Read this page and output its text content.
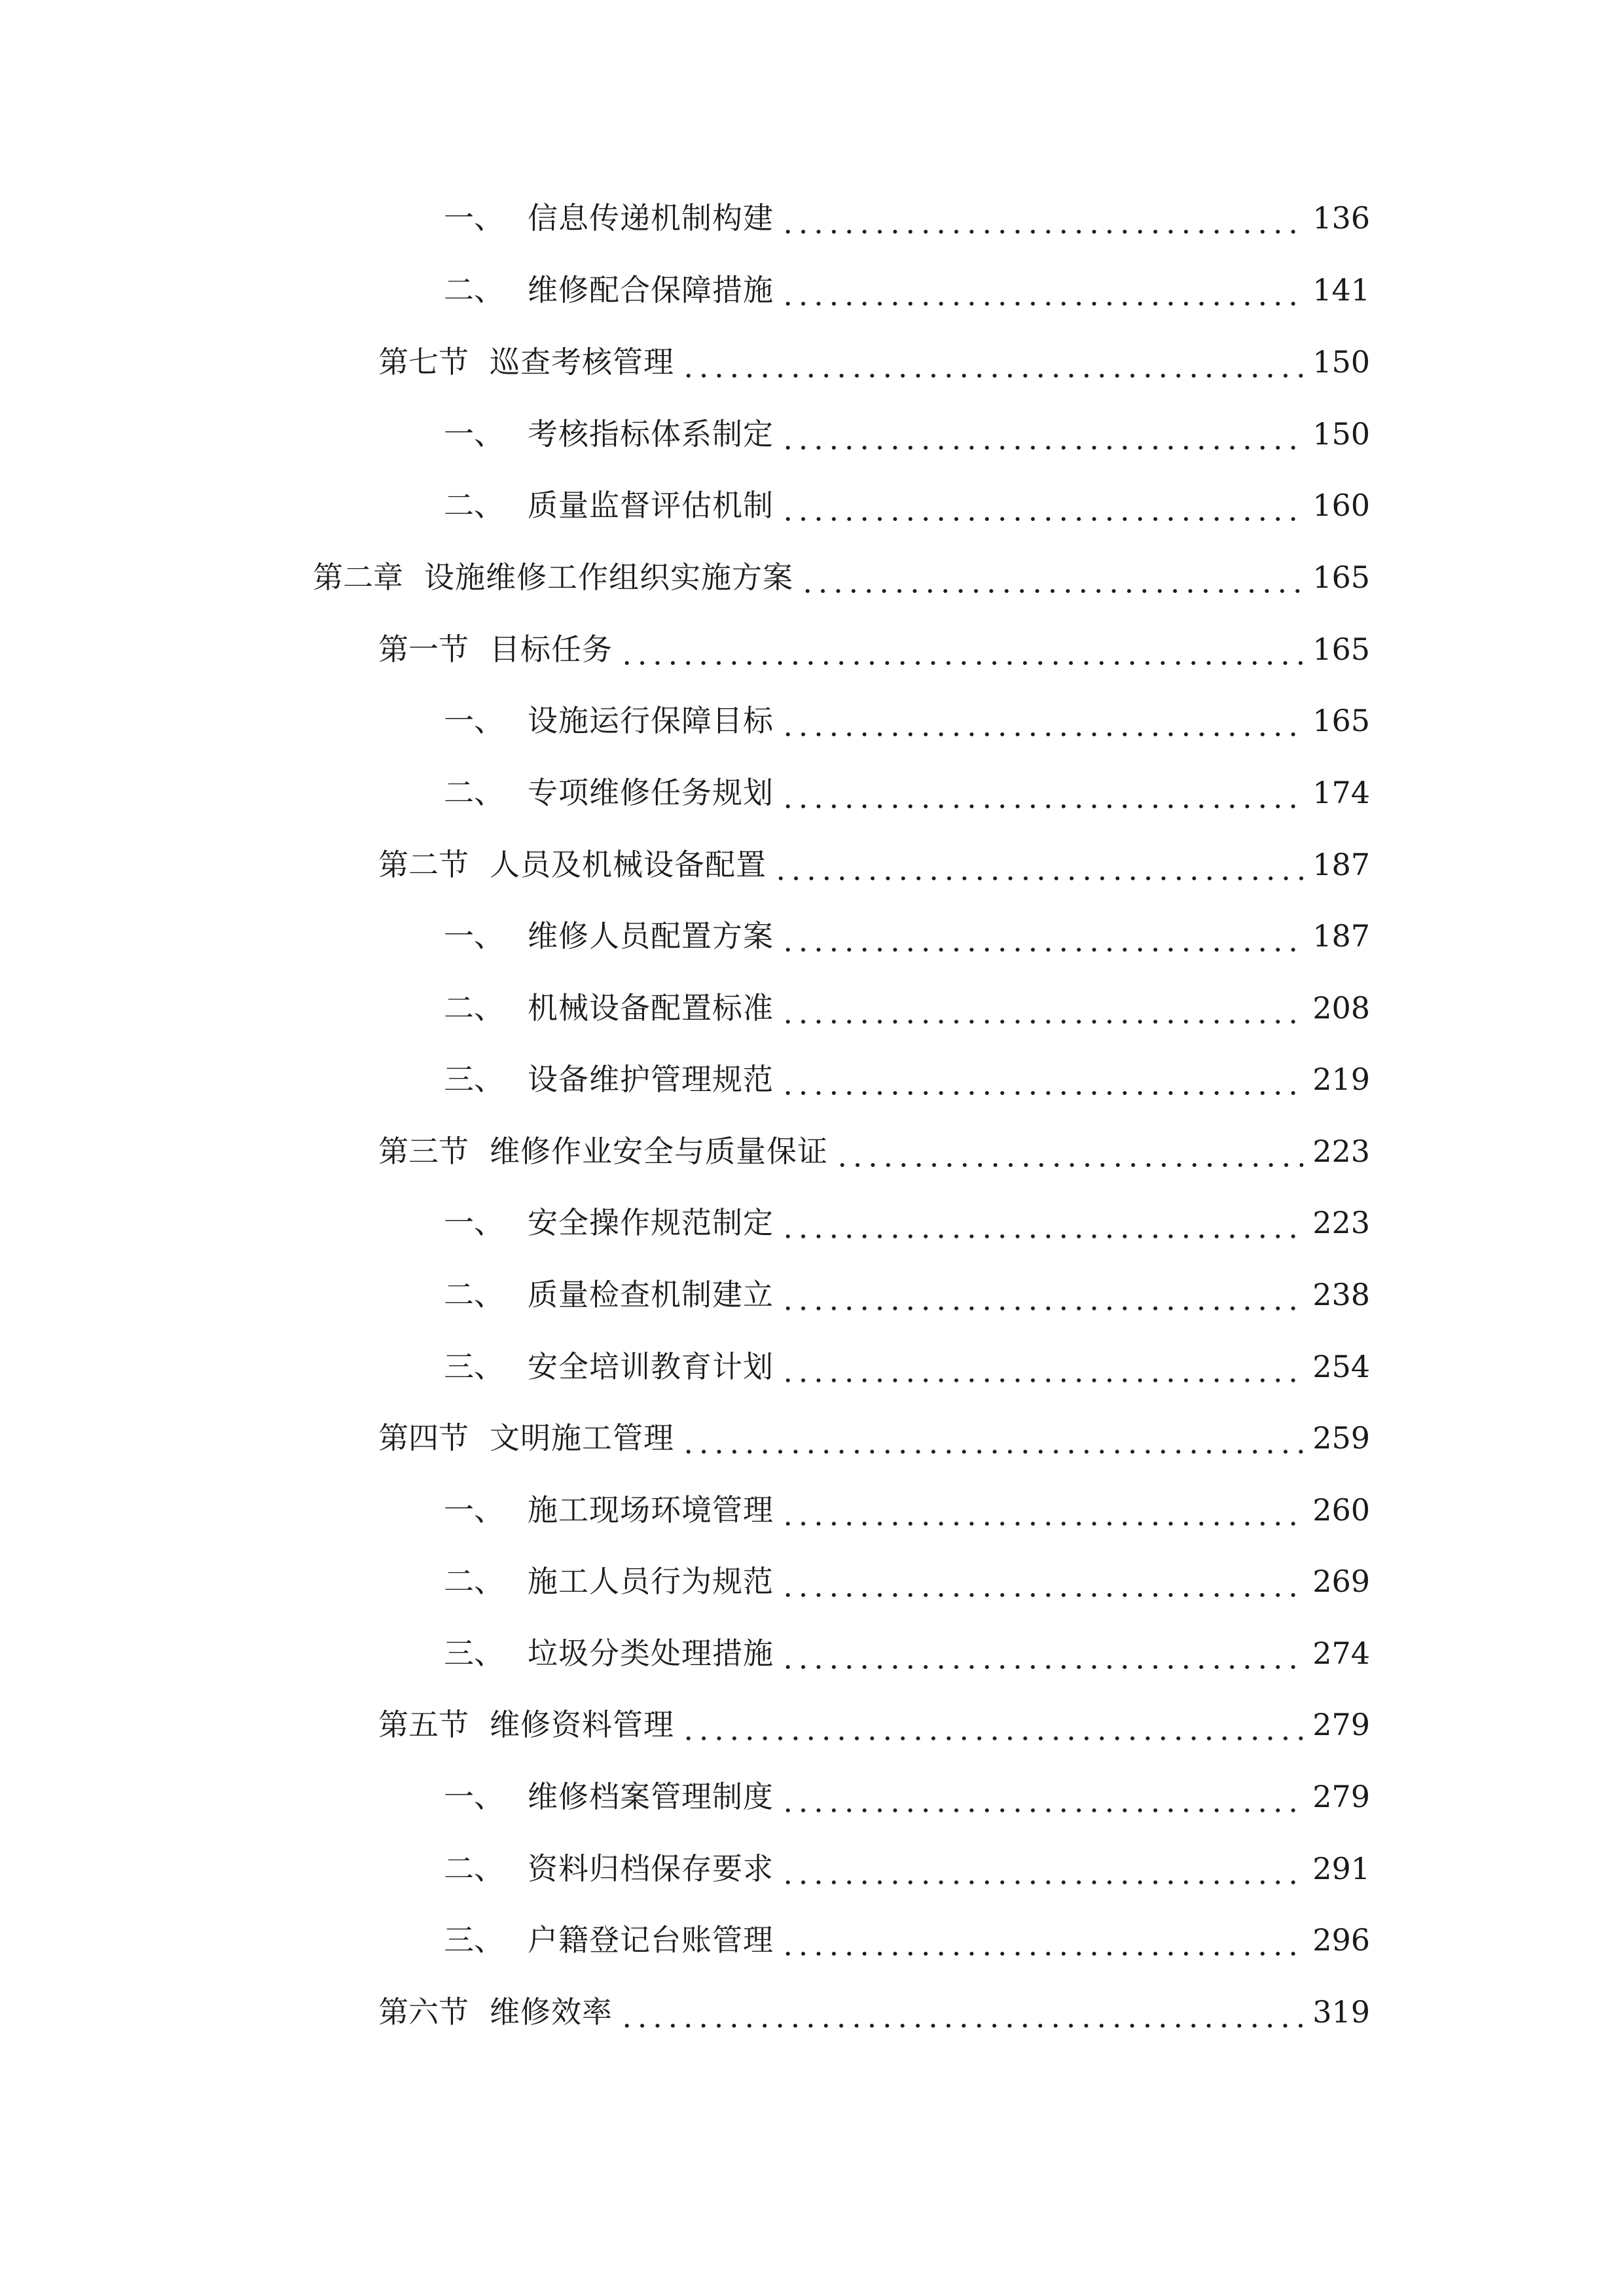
一、 信息传递机制构建	136
二、 维修配合保障措施	141
第七节 巡查考核管理	150
一、 考核指标体系制定	150
二、 质量监督评估机制	160
第二章 设施维修工作组织实施方案	165
第一节 目标任务	165
一、 设施运行保障目标	165
二、 专项维修任务规划	174
第二节 人员及机械设备配置	187
一、 维修人员配置方案	187
二、 机械设备配置标准	208
三、 设备维护管理规范	219
第三节 维修作业安全与质量保证	223
一、 安全操作规范制定	223
二、 质量检查机制建立	238
三、 安全培训教育计划	254
第四节 文明施工管理	259
一、 施工现场环境管理	260
二、 施工人员行为规范	269
三、 垃圾分类处理措施	274
第五节 维修资料管理	279
一、 维修档案管理制度	279
二、 资料归档保存要求	291
三、 户籍登记台账管理	296
第六节 维修效率	319
